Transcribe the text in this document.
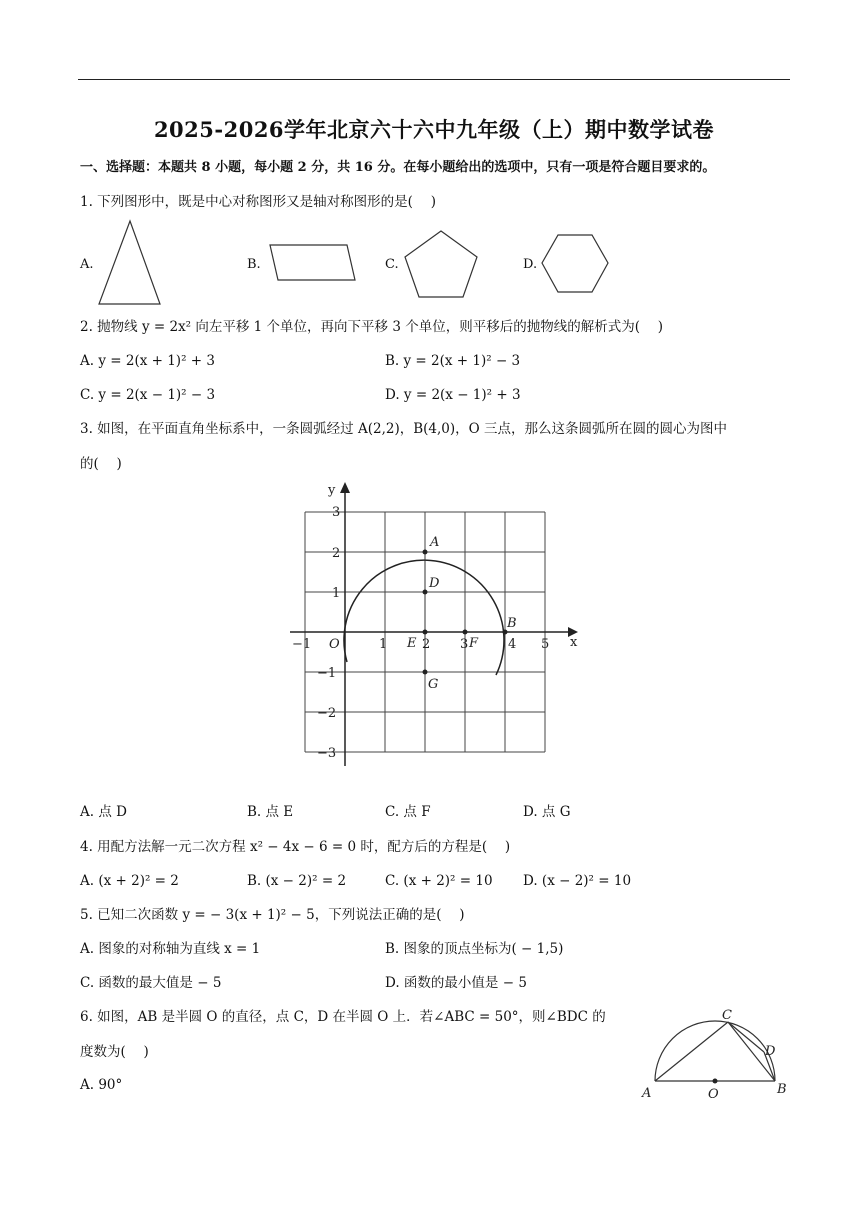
2025-2026学年北京六十六中九年级（上）期中数学试卷
一、选择题：本题共 8 小题，每小题 2 分，共 16 分。在每小题给出的选项中，只有一项是符合题目要求的。
1. 下列图形中，既是中心对称图形又是轴对称图形的是(　 )
A.	B.	C.	D.
2. 抛物线 y = 2x² 向左平移 1 个单位，再向下平移 3 个单位，则平移后的抛物线的解析式为(　 )
A. y = 2(x + 1)² + 3	B. y = 2(x + 1)² − 3
C. y = 2(x − 1)² − 3	D. y = 2(x − 1)² + 3
3. 如图，在平面直角坐标系中，一条圆弧经过 A(2,2)，B(4,0)，O 三点，那么这条圆弧所在圆的圆心为图中
的(　 )
y
x
O
−1	1	2 3	4 5
3
2
1
−1
−2
−3
A
D
E	F
B
G
A. 点 D	B. 点 E	C. 点 F	D. 点 G
4. 用配方法解一元二次方程 x² − 4x − 6 = 0 时，配方后的方程是(　 )
A. (x + 2)² = 2	B. (x − 2)² = 2	C. (x + 2)² = 10 D. (x − 2)² = 10
5. 已知二次函数 y = − 3(x + 1)² − 5，下列说法正确的是(　 )
A. 图象的对称轴为直线 x = 1	B. 图象的顶点坐标为( − 1,5)
C. 函数的最大值是 − 5	D. 函数的最小值是 − 5
6. 如图，AB 是半圆 O 的直径，点 C，D 在半圆 O 上．若∠ABC = 50°，则∠BDC 的
度数为(　 )
A. 90°
A	B
C
D
O
